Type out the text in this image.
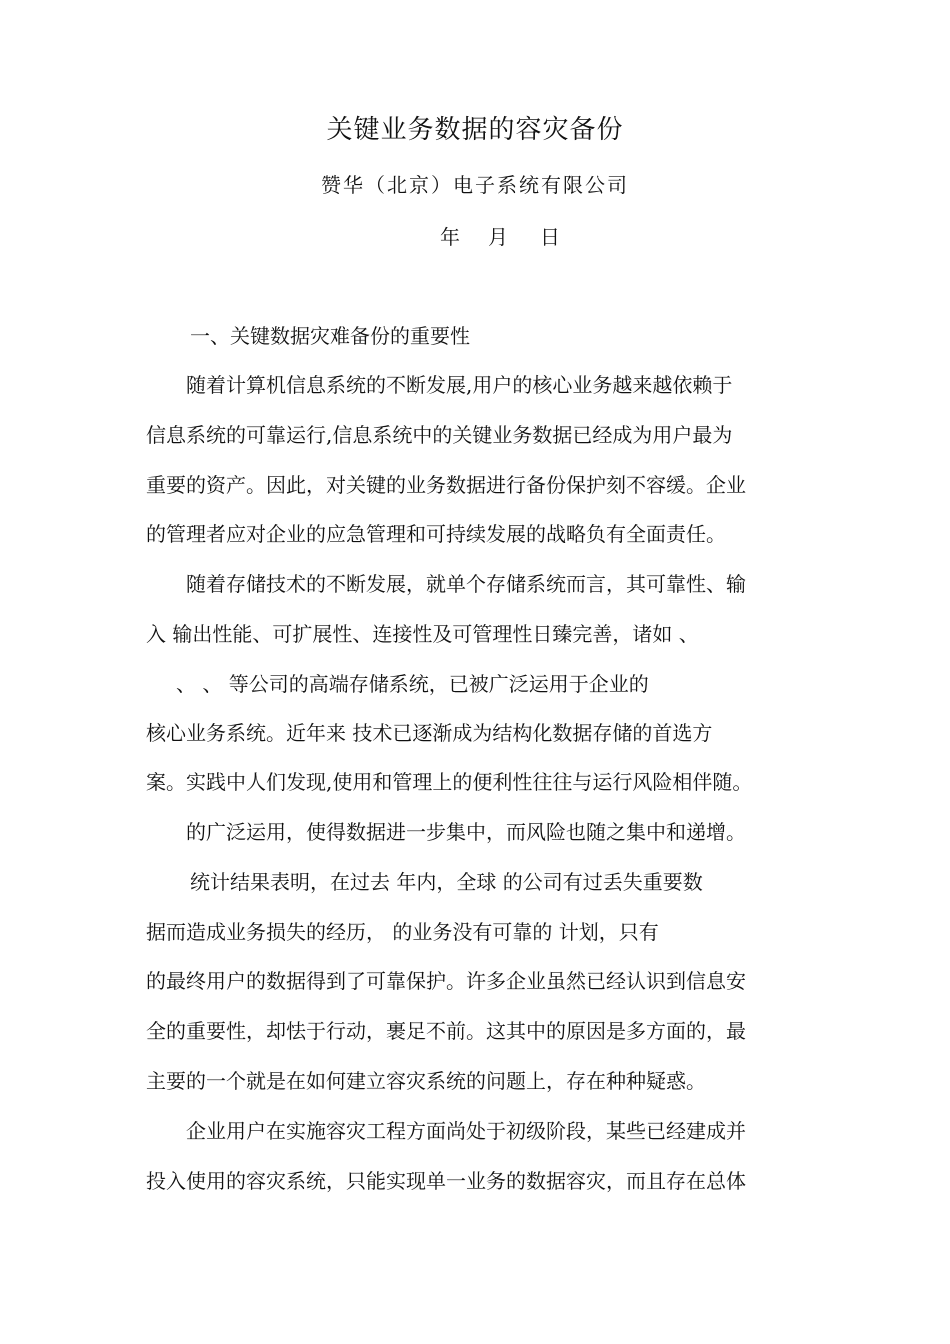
关键业务数据的容灾备份
赞华（北京）电子系统有限公司
年 月 日
一、关键数据灾难备份的重要性
随着计算机信息系统的不断发展,用户的核心业务越来越依赖于
信息系统的可靠运行,信息系统中的关键业务数据已经成为用户最为
重要的资产。因此，对关键的业务数据进行备份保护刻不容缓。企业
的管理者应对企业的应急管理和可持续发展的战略负有全面责任。
随着存储技术的不断发展，就单个存储系统而言，其可靠性、输
入 输出性能、可扩展性、连接性及可管理性日臻完善，诸如 、
、 、 等公司的高端存储系统，已被广泛运用于企业的
核心业务系统。近年来 技术已逐渐成为结构化数据存储的首选方
案。实践中人们发现,使用和管理上的便利性往往与运行风险相伴随。
的广泛运用，使得数据进一步集中，而风险也随之集中和递增。
统计结果表明，在过去 年内，全球 的公司有过丢失重要数
据而造成业务损失的经历， 的业务没有可靠的 计划，只有
的最终用户的数据得到了可靠保护。许多企业虽然已经认识到信息安
全的重要性，却怯于行动，裹足不前。这其中的原因是多方面的，最
主要的一个就是在如何建立容灾系统的问题上，存在种种疑惑。
企业用户在实施容灾工程方面尚处于初级阶段，某些已经建成并
投入使用的容灾系统，只能实现单一业务的数据容灾，而且存在总体
